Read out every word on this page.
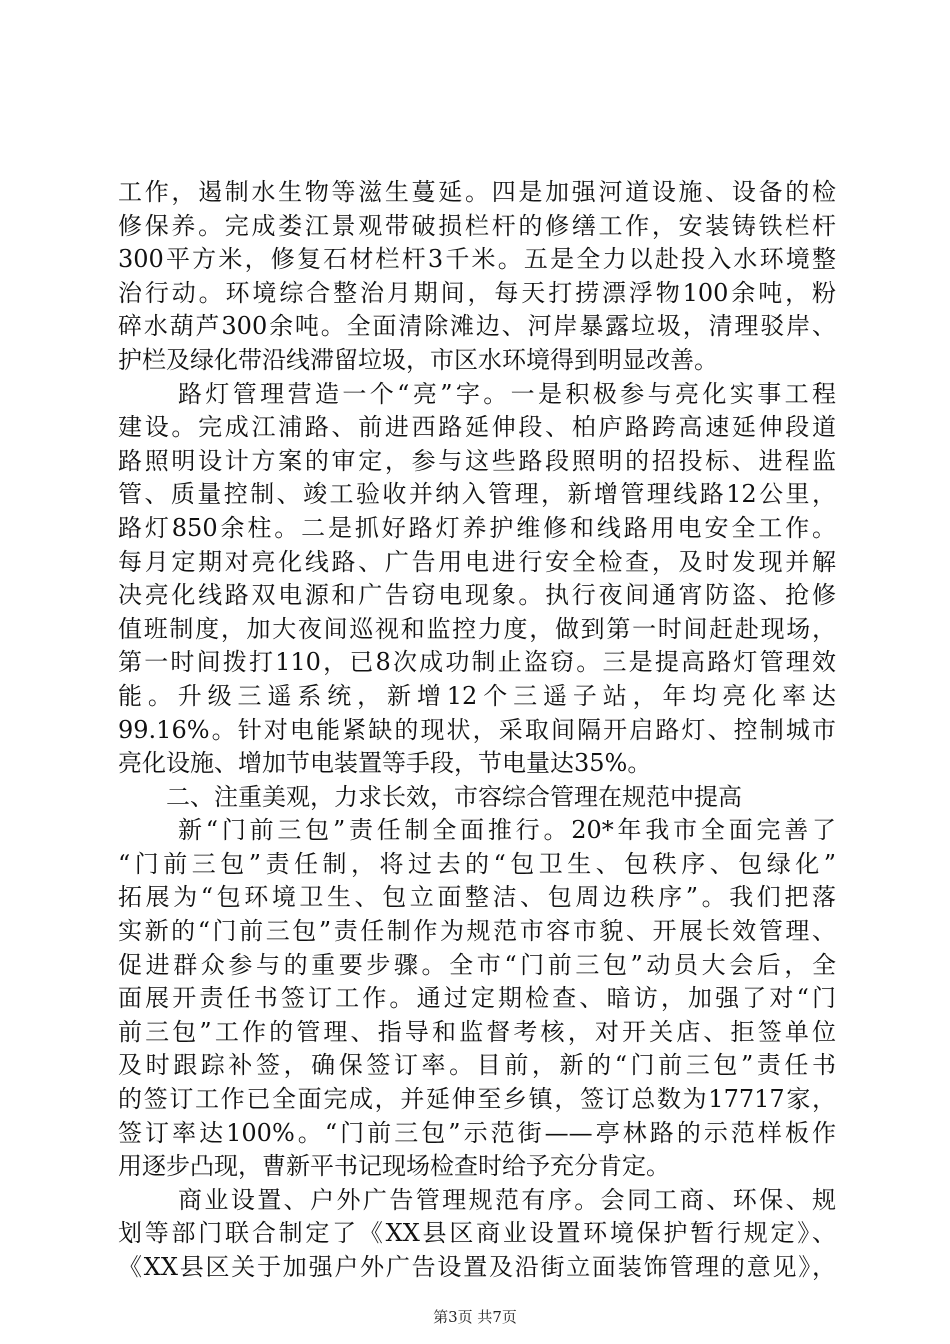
工作，遏制水生物等滋生蔓延。四是加强河道设施、设备的检
修保养。完成娄江景观带破损栏杆的修缮工作，安装铸铁栏杆
300平方米，修复石材栏杆3千米。五是全力以赴投入水环境整
治行动。环境综合整治月期间，每天打捞漂浮物100余吨，粉
碎水葫芦300余吨。全面清除滩边、河岸暴露垃圾，清理驳岸、
护栏及绿化带沿线滞留垃圾，市区水环境得到明显改善。
路灯管理营造一个“亮”字。一是积极参与亮化实事工程
建设。完成江浦路、前进西路延伸段、柏庐路跨高速延伸段道
路照明设计方案的审定，参与这些路段照明的招投标、进程监
管、质量控制、竣工验收并纳入管理，新增管理线路12公里，
路灯850余柱。二是抓好路灯养护维修和线路用电安全工作。
每月定期对亮化线路、广告用电进行安全检查，及时发现并解
决亮化线路双电源和广告窃电现象。执行夜间通宵防盗、抢修
值班制度，加大夜间巡视和监控力度，做到第一时间赶赴现场，
第一时间拨打110，已8次成功制止盗窃。三是提高路灯管理效
能。升级三遥系统，新增12个三遥子站，年均亮化率达
99.16%。针对电能紧缺的现状，采取间隔开启路灯、控制城市
亮化设施、增加节电装置等手段，节电量达35%。
二、注重美观，力求长效，市容综合管理在规范中提高
新“门前三包”责任制全面推行。20*年我市全面完善了
“门前三包”责任制，将过去的“包卫生、包秩序、包绿化”
拓展为“包环境卫生、包立面整洁、包周边秩序”。我们把落
实新的“门前三包”责任制作为规范市容市貌、开展长效管理、
促进群众参与的重要步骤。全市“门前三包”动员大会后，全
面展开责任书签订工作。通过定期检查、暗访，加强了对“门
前三包”工作的管理、指导和监督考核，对开关店、拒签单位
及时跟踪补签，确保签订率。目前，新的“门前三包”责任书
的签订工作已全面完成，并延伸至乡镇，签订总数为17717家，
签订率达100%。“门前三包”示范街——亭林路的示范样板作
用逐步凸现，曹新平书记现场检查时给予充分肯定。
商业设置、户外广告管理规范有序。会同工商、环保、规
划等部门联合制定了《XX县区商业设置环境保护暂行规定》、
《XX县区关于加强户外广告设置及沿街立面装饰管理的意见》，
第3页 共7页
